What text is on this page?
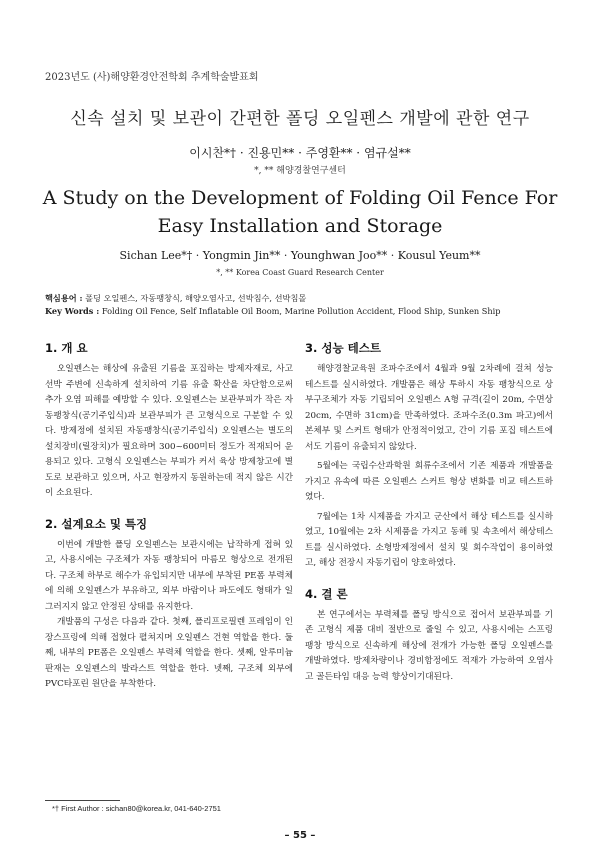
2023년도 (사)해양환경안전학회 추계학술발표회
신속 설치 및 보관이 간편한 폴딩 오일펜스 개발에 관한 연구
이시찬*† · 진용민** · 주영환** · 염규설**
*, ** 해양경찰연구센터
A Study on the Development of Folding Oil Fence For Easy Installation and Storage
Sichan Lee*† · Yongmin Jin** · Younghwan Joo** · Kousul Yeum**
*, ** Korea Coast Guard Research Center
핵심용어 : 폴딩 오일펜스, 자동팽창식, 해양오염사고, 선박침수, 선박침몰
Key Words : Folding Oil Fence, Self Inflatable Oil Boom, Marine Pollution Accident, Flood Ship, Sunken Ship
1. 개 요

오일펜스는 해상에 유출된 기름을 포집하는 방제자재로, 사고 선박 주변에 신속하게 설치하여 기름 유출 확산을 차단함으로써 추가 오염 피해를 예방할 수 있다. 오일펜스는 보관부피가 작은 자동팽창식(공기주입식)과 보관부피가 큰 고형식으로 구분할 수 있다. 방제정에 설치된 자동팽창식(공기주입식) 오일펜스는 별도의 설치장비(릴장치)가 필요하며 300~600미터 정도가 적재되어 운용되고 있다. 고형식 오일펜스는 부피가 커서 육상 방제창고에 별도로 보관하고 있으며, 사고 현장까지 동원하는데 적지 않은 시간이 소요된다.

2. 설계요소 및 특징

이번에 개발한 폴딩 오일펜스는 보관시에는 납작하게 접혀 있고, 사용시에는 구조체가 자동 팽창되어 마름모 형상으로 전개된다. 구조체 하부로 해수가 유입되지만 내부에 부착된 PE폼 부력체에 의해 오일펜스가 부유하고, 외부 바람이나 파도에도 형태가 일그러지지 않고 안정된 상태를 유지한다.

개발품의 구성은 다음과 같다. 첫째, 폴리프로필렌 프레임이 인장스프링에 의해 접혔다 펼쳐지며 오일펜스 건현 역할을 한다. 둘째, 내부의 PE폼은 오일펜스 부력체 역할을 한다. 셋째, 알루미늄 판재는 오일펜스의 발라스트 역할을 한다. 넷째, 구조체 외부에 PVC타포린 원단을 부착한다.

3. 성능 테스트

해양경찰교육원 조파수조에서 4월과 9월 2차례에 걸쳐 성능 테스트를 실시하였다. 개발품은 해상 투하시 자동 팽창식으로 상부구조체가 자동 기립되어 오일펜스 A형 규격(길이 20m, 수면상 20cm, 수면하 31cm)을 만족하였다. 조파수조(0.3m 파고)에서 본체부 및 스커트 형태가 안정적이었고, 간이 기름 포집 테스트에서도 기름이 유출되지 않았다.

5월에는 국립수산과학원 회류수조에서 기존 제품과 개발품을 가지고 유속에 따른 오일펜스 스커트 형상 변화를 비교 테스트하였다.

7월에는 1차 시제품을 가지고 군산에서 해상 테스트를 실시하였고, 10월에는 2차 시제품을 가지고 동해 및 속초에서 해상테스트를 실시하였다. 소형방제정에서 설치 및 회수작업이 용이하였고, 해상 전장시 자동기립이 양호하였다.

4. 결 론

본 연구에서는 부력체를 폴딩 방식으로 접어서 보관부피를 기존 고형식 제품 대비 절반으로 줄일 수 있고, 사용시에는 스프링 팽창 방식으로 신속하게 해상에 전개가 가능한 폴딩 오일펜스를 개발하였다. 방제차량이나 경비함정에도 적재가 가능하여 오염사고 골든타임 대응 능력 향상이기대된다.

*† First Author : sichan80@korea.kr, 041-640-2751
– 55 –
